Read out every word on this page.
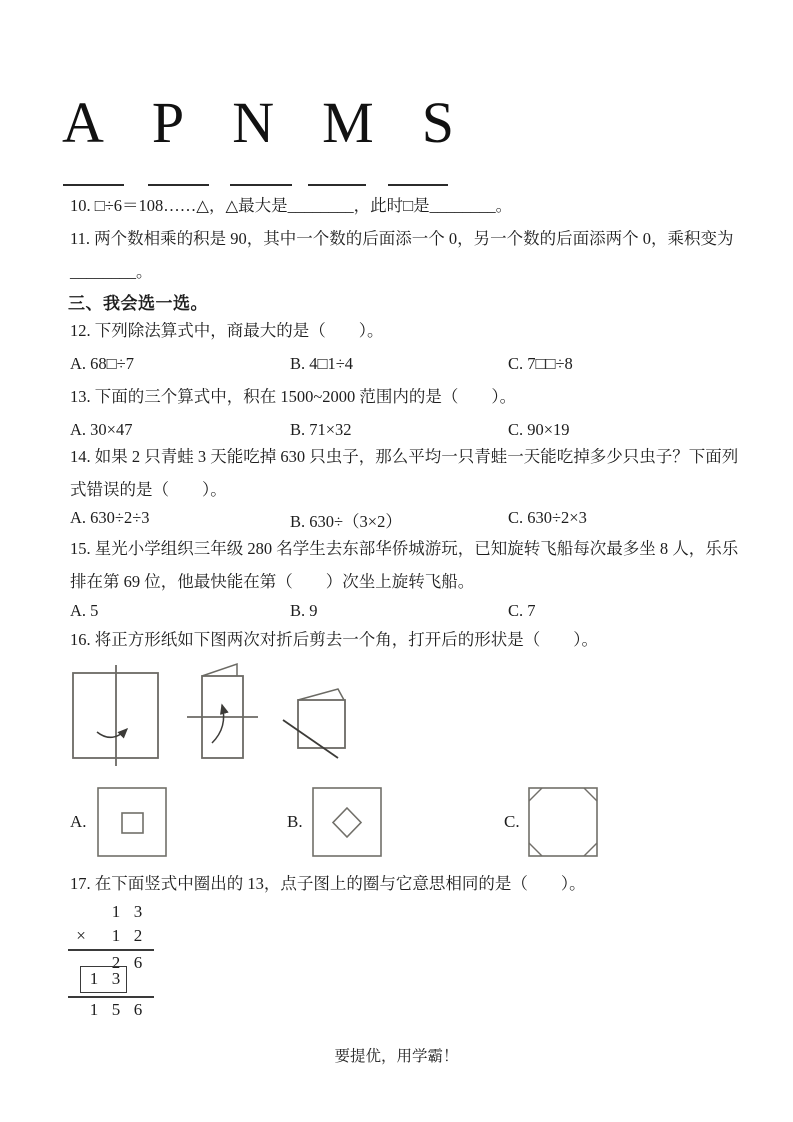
A P N M S
10. □÷6＝108……△，△最大是________，此时□是________。
11. 两个数相乘的积是 90，其中一个数的后面添一个 0，另一个数的后面添两个 0，乘积变为
________。
三、我会选一选。
12. 下列除法算式中，商最大的是（　　）。
A. 68□÷7	B. 4□1÷4	C. 7□□÷8
13. 下面的三个算式中，积在 1500~2000 范围内的是（　　）。
A. 30×47	B. 71×32	C. 90×19
14. 如果 2 只青蛙 3 天能吃掉 630 只虫子，那么平均一只青蛙一天能吃掉多少只虫子？下面列
式错误的是（　　）。
A. 630÷2÷3	B. 630÷（3×2）	C. 630÷2×3
15. 星光小学组织三年级 280 名学生去东部华侨城游玩，已知旋转飞船每次最多坐 8 人，乐乐
排在第 69 位，他最快能在第（　　）次坐上旋转飞船。
A. 5	B. 9	C. 7
16. 将正方形纸如下图两次对折后剪去一个角，打开后的形状是（　　）。
A.	B.	C.
17. 在下面竖式中圈出的 13，点子图上的圈与它意思相同的是（　　）。
1 3
×	1 2
2 6
1 3
1 5 6
要提优，用学霸！
